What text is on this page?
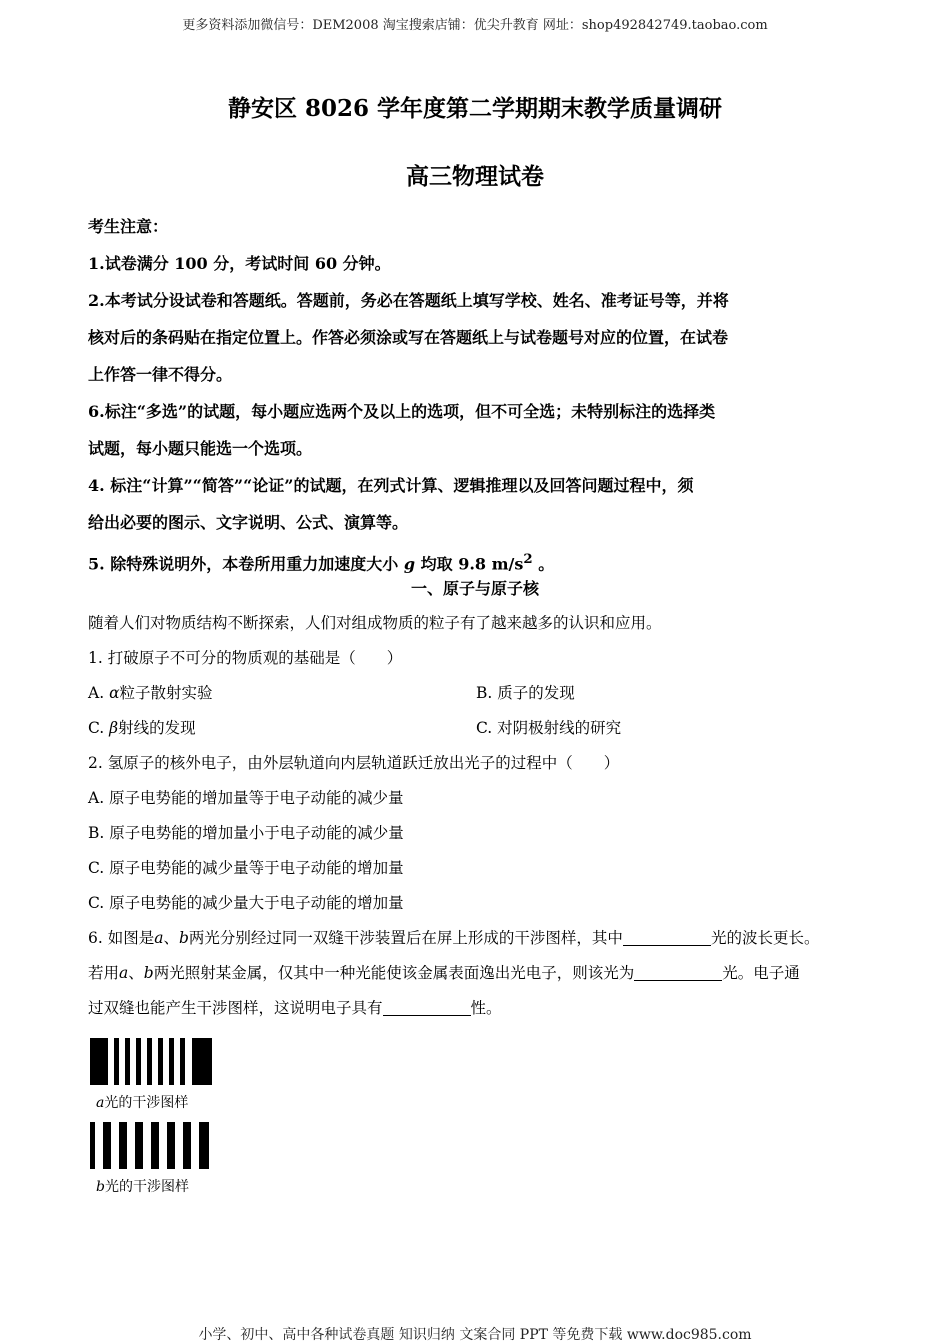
更多资料添加微信号：DEM2008 淘宝搜索店铺：优尖升教育 网址：shop492842749.taobao.com
静安区 8026 学年度第二学期期末教学质量调研
高三物理试卷
考生注意：
1.试卷满分 100 分，考试时间 60 分钟。
2.本考试分设试卷和答题纸。答题前，务必在答题纸上填写学校、姓名、准考证号等，并将
核对后的条码贴在指定位置上。作答必须涂或写在答题纸上与试卷题号对应的位置，在试卷
上作答一律不得分。
6.标注“多选”的试题，每小题应选两个及以上的选项，但不可全选；未特别标注的选择类
试题，每小题只能选一个选项。
4. 标注“计算”“简答”“论证”的试题，在列式计算、逻辑推理以及回答问题过程中，须
给出必要的图示、文字说明、公式、演算等。
5. 除特殊说明外，本卷所用重力加速度大小 g 均取 9.8 $m/s^2$ 。
一、原子与原子核
随着人们对物质结构不断探索，人们对组成物质的粒子有了越来越多的认识和应用。
1. 打破原子不可分的物质观的基础是（　　）
A. α粒子散射实验	B. 质子的发现
C. β射线的发现	C. 对阴极射线的研究
2. 氢原子的核外电子，由外层轨道向内层轨道跃迁放出光子的过程中（　　）
A. 原子电势能的增加量等于电子动能的减少量
B. 原子电势能的增加量小于电子动能的减少量
C. 原子电势能的减少量等于电子动能的增加量
C. 原子电势能的减少量大于电子动能的增加量
6. 如图是a、b两光分别经过同一双缝干涉装置后在屏上形成的干涉图样，其中	光的波长更长。
若用a、b两光照射某金属，仅其中一种光能使该金属表面逸出光电子，则该光为	光。电子通
过双缝也能产生干涉图样，这说明电子具有	性。
a光的干涉图样
b光的干涉图样
小学、初中、高中各种试卷真题 知识归纳 文案合同 PPT 等免费下载 www.doc985.com
